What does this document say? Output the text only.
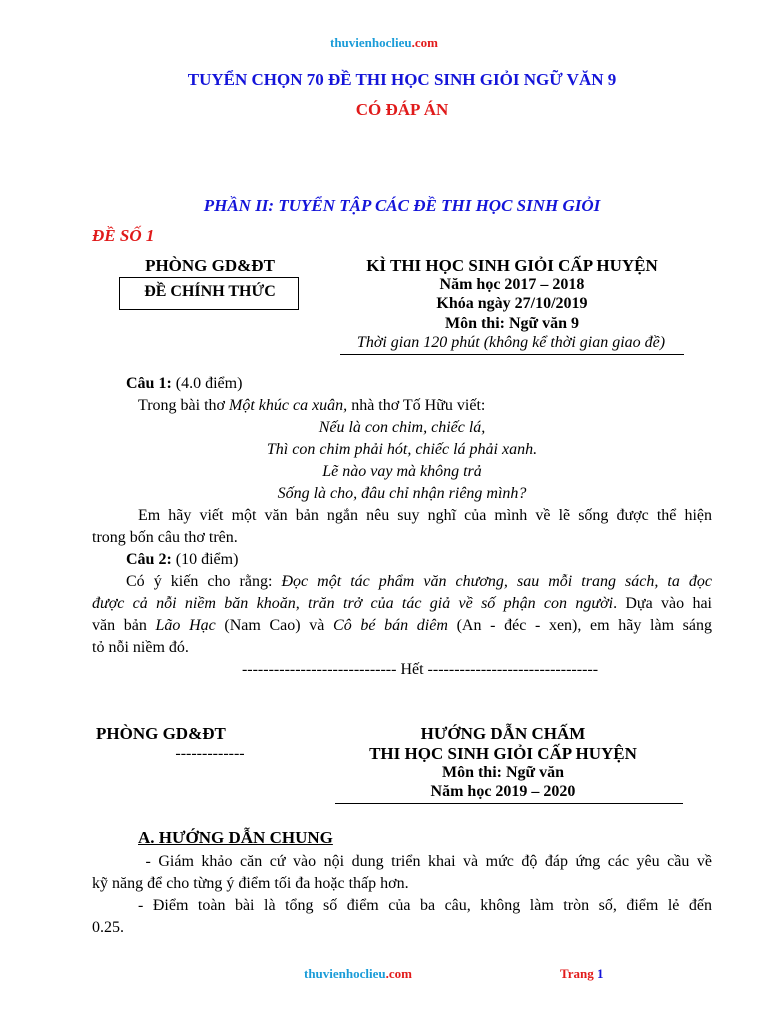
thuvienhoclieu.com
TUYỂN CHỌN 70 ĐỀ THI HỌC SINH GIỎI NGỮ VĂN 9
CÓ ĐÁP ÁN
PHẦN II: TUYỂN TẬP CÁC ĐỀ THI HỌC SINH GIỎI
ĐỀ SỐ 1
PHÒNG GD&ĐT
ĐỀ CHÍNH THỨC
KÌ THI HỌC SINH GIỎI CẤP HUYỆN
Năm học 2017 – 2018
Khóa ngày 27/10/2019
Môn thi: Ngữ văn 9
Thời gian 120 phút (không kể thời gian giao đề)
Câu 1: (4.0 điểm)
Trong bài thơ Một khúc ca xuân, nhà thơ Tố Hữu viết:
Nếu là con chim, chiếc lá,
Thì con chim phải hót, chiếc lá phải xanh.
Lẽ nào vay mà không trả
Sống là cho, đâu chỉ nhận riêng mình?
Em hãy viết một văn bản ngắn nêu suy nghĩ của mình về lẽ sống được thể hiện
trong bốn câu thơ trên.
Câu 2: (10 điểm)
Có ý kiến cho rằng: Đọc một tác phẩm văn chương, sau mỗi trang sách, ta đọc
được cả nỗi niềm băn khoăn, trăn trở của tác giả về số phận con người. Dựa vào hai
văn bản Lão Hạc (Nam Cao) và Cô bé bán diêm (An - đéc - xen), em hãy làm sáng
tỏ nỗi niềm đó.
----------------------------- Hết --------------------------------
PHÒNG GD&ĐT
-------------
HƯỚNG DẪN CHẤM
THI HỌC SINH GIỎI CẤP HUYỆN
Môn thi: Ngữ văn
Năm học 2019 – 2020
A. HƯỚNG DẪN CHUNG
- Giám khảo căn cứ vào nội dung triển khai và mức độ đáp ứng các yêu cầu về
kỹ năng để cho từng ý điểm tối đa hoặc thấp hơn.
- Điểm toàn bài là tổng số điểm của ba câu, không làm tròn số, điểm lẻ đến
0.25.
thuvienhoclieu.com	Trang 1
